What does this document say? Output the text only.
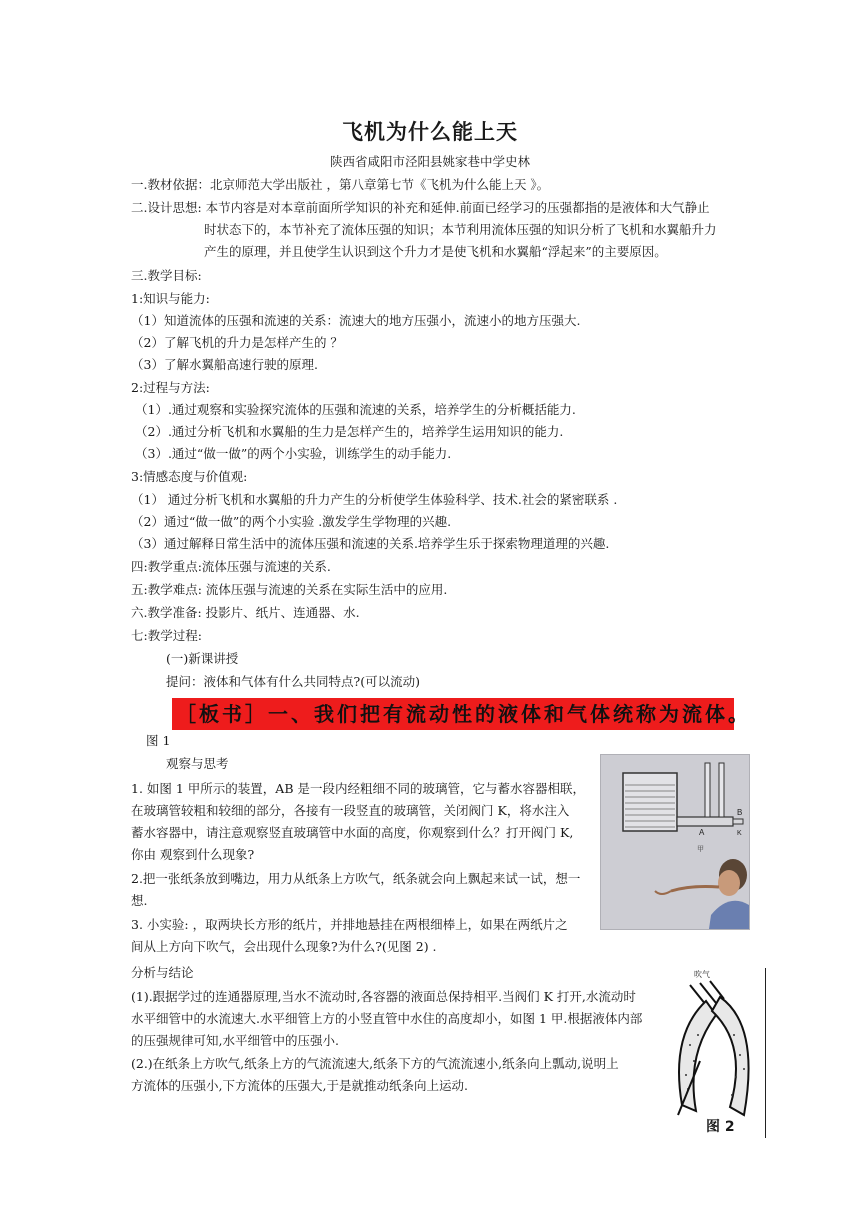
飞机为什么能上天
陕西省咸阳市泾阳县姚家巷中学史林
一.教材依据：北京师范大学出版社 ，第八章第七节《飞机为什么能上天 》。
二.设计思想: 本节内容是对本章前面所学知识的补充和延伸.前面已经学习的压强都指的是液体和大气静止
时状态下的，本节补充了流体压强的知识；本节利用流体压强的知识分析了飞机和水翼船升力
产生的原理，并且使学生认识到这个升力才是使飞机和水翼船“浮起来”的主要原因。
三.教学目标:
1:知识与能力:
（1）知道流体的压强和流速的关系：流速大的地方压强小，流速小的地方压强大.
（2）了解飞机的升力是怎样产生的 ？
（3）了解水翼船高速行驶的原理.
2:过程与方法:
（1）.通过观察和实验探究流体的压强和流速的关系，培养学生的分析概括能力.
（2）.通过分析飞机和水翼船的生力是怎样产生的，培养学生运用知识的能力.
（3）.通过“做一做”的两个小实验，训练学生的动手能力.
3:情感态度与价值观:
（1） 通过分析飞机和水翼船的升力产生的分析使学生体验科学、技术.社会的紧密联系 .
（2）通过“做一做”的两个小实验 .激发学生学物理的兴趣.
（3）通过解释日常生活中的流体压强和流速的关系.培养学生乐于探索物理道理的兴趣.
四:教学重点:流体压强与流速的关系.
五:教学难点: 流体压强与流速的关系在实际生活中的应用.
六.教学准备: 投影片、纸片、连通器、水.
七:教学过程:
(一)新课讲授
提问：液体和气体有什么共同特点?(可以流动)
［板书］一、我们把有流动性的液体和气体统称为流体。
图 1
观察与思考
1. 如图 1 甲所示的装置，AB 是一段内经粗细不同的玻璃管，它与蓄水容器相联，
在玻璃管较粗和较细的部分，各接有一段竖直的玻璃管，关闭阀门 K，将水注入
蓄水容器中，请注意观察竖直玻璃管中水面的高度，你观察到什么？打开阀门 K,
你由 观察到什么现象?
2.把一张纸条放到嘴边，用力从纸条上方吹气，纸条就会向上飘起来试一试，想一
想.
3. 小实验: ，取两块长方形的纸片，并排地悬挂在两根细棒上，如果在两纸片之
间从上方向下吹气，会出现什么现象?为什么?(见图 2) .
分析与结论
(1).跟据学过的连通器原理,当水不流动时,各容器的液面总保持相平.当阀们 K 打开,水流动时
水平细管中的水流速大.水平细管上方的小竖直管中水住的高度却小，如图 1 甲.根据液体内部
的压强规律可知,水平细管中的压强小.
(2.)在纸条上方吹气,纸条上方的气流流速大,纸条下方的气流流速小,纸条向上瓢动,说明上
方流体的压强小,下方流体的压强大,于是就推动纸条向上运动.
A
B
K
甲
吹气
图 2
